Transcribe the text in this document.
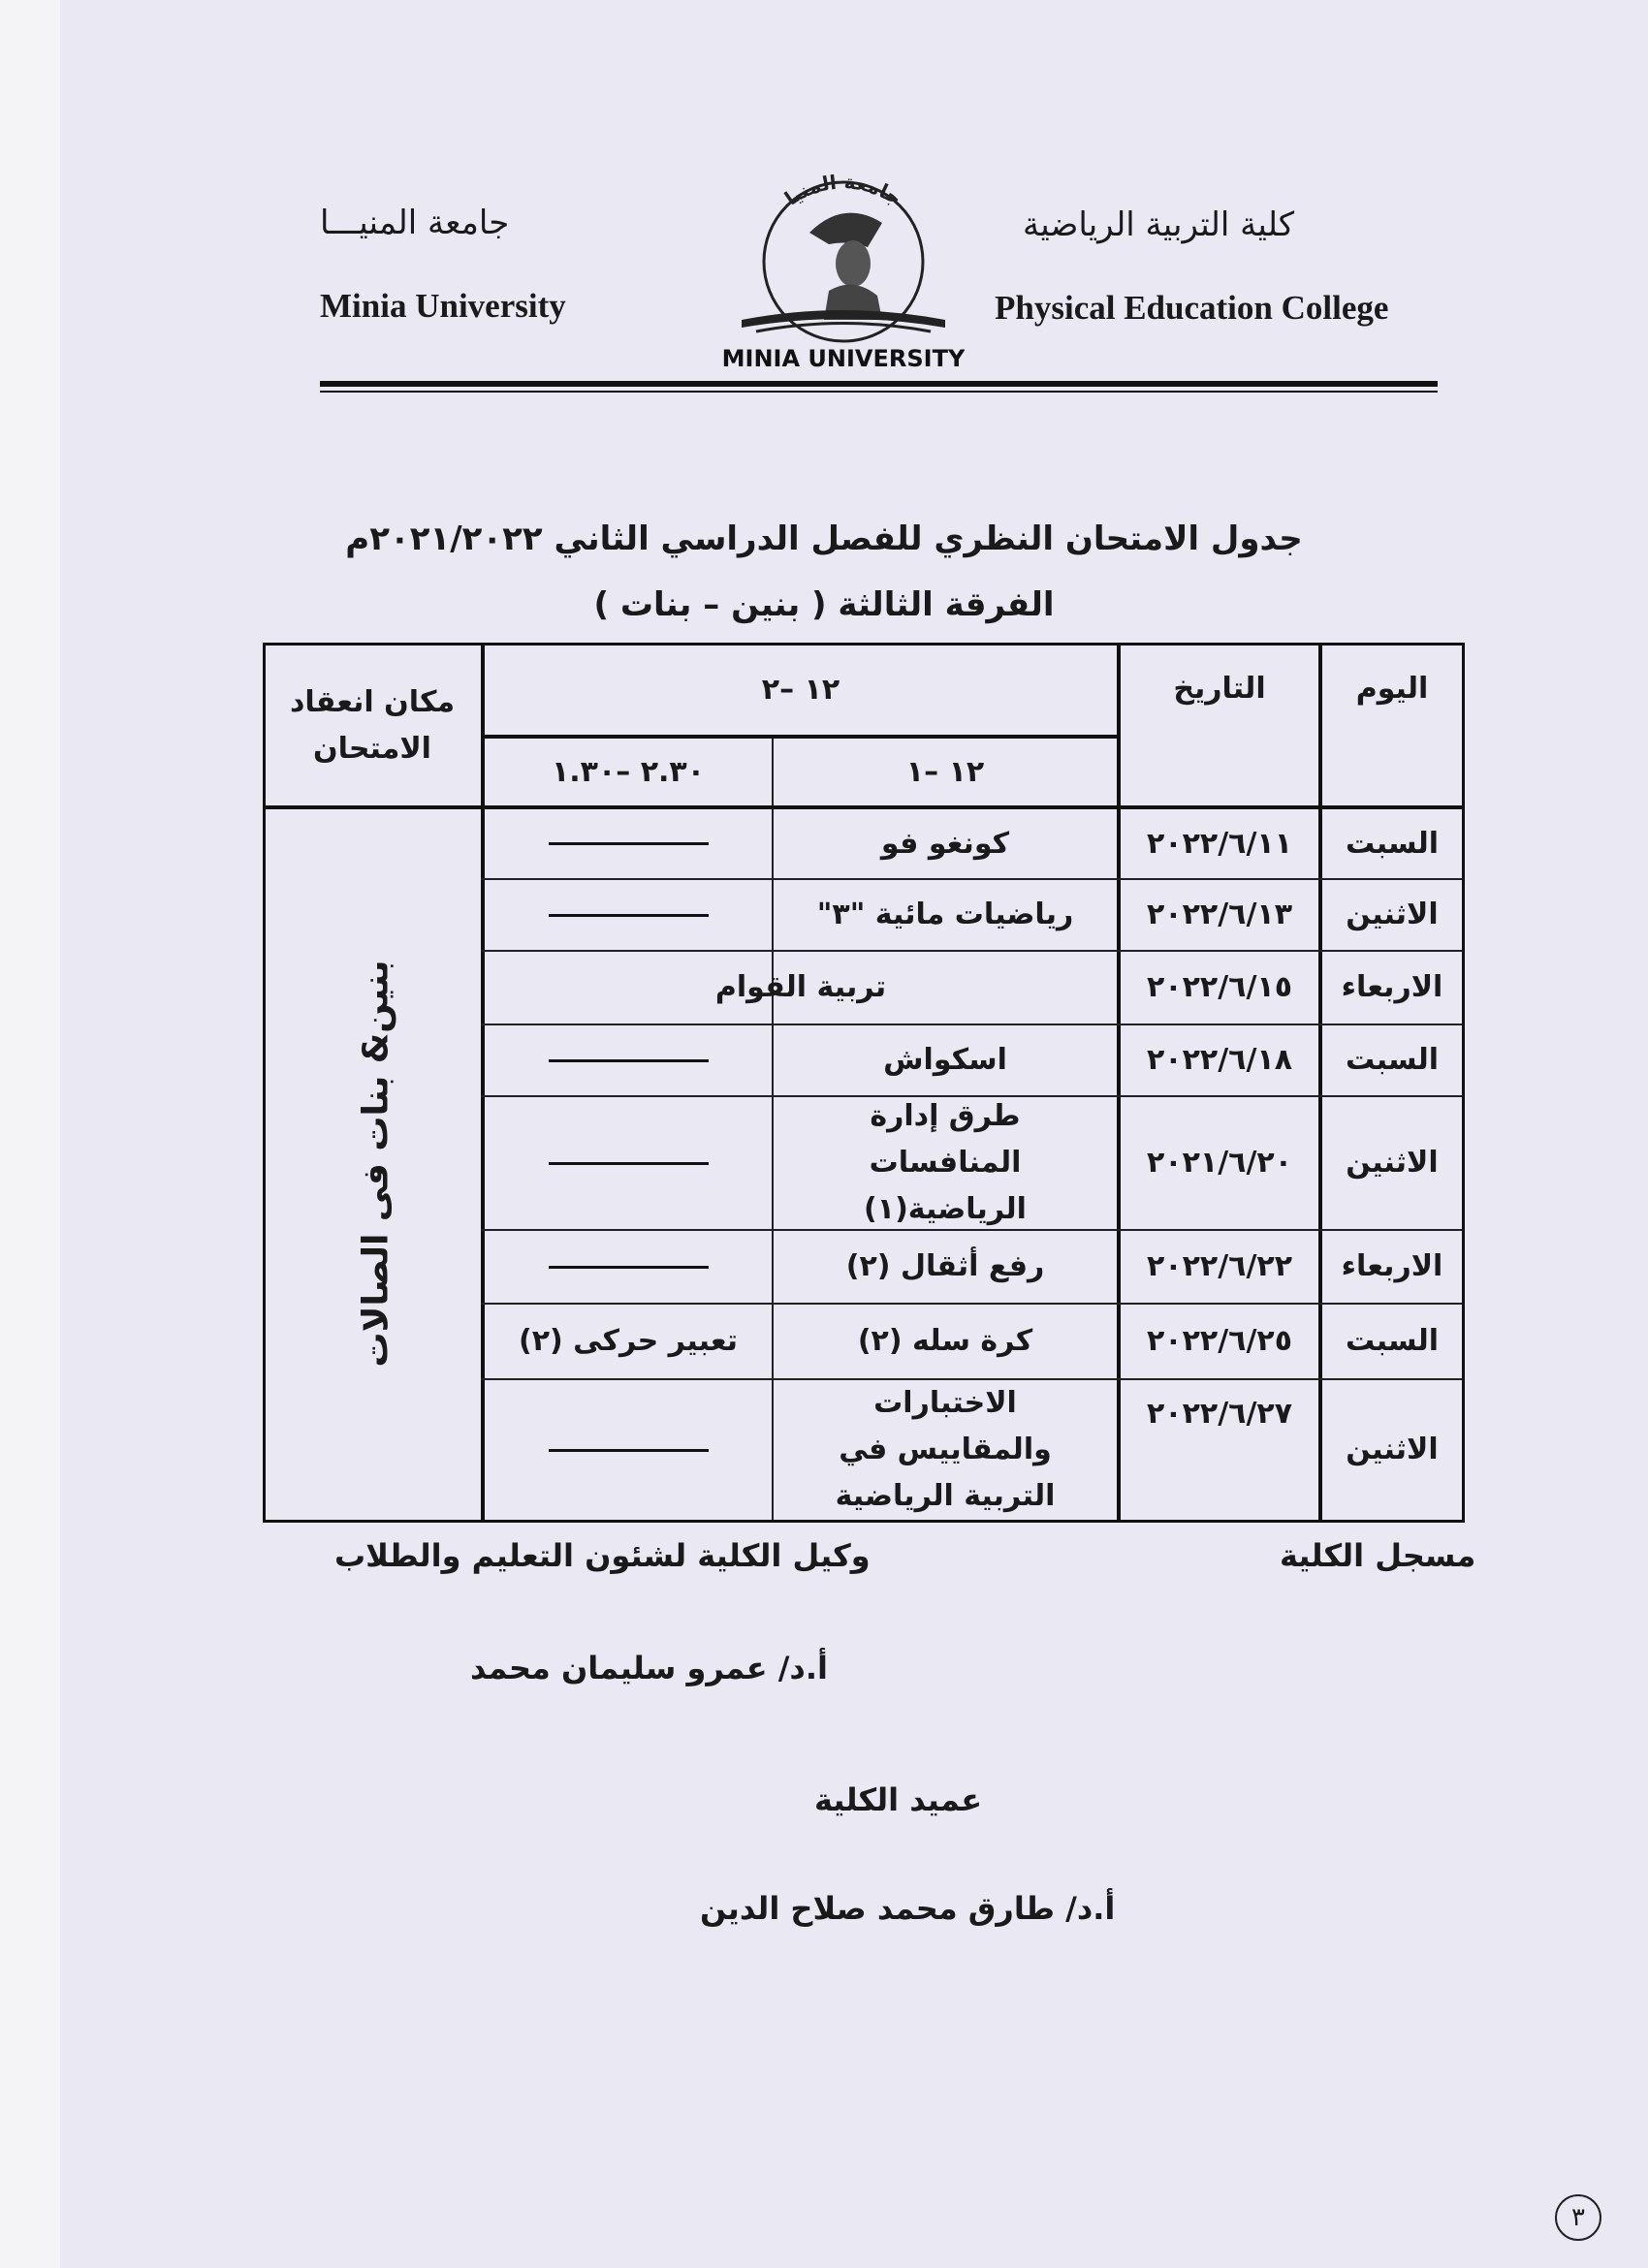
جامعة المنيـــا
Minia University
كلية التربية الرياضية
Physical Education College
جامعة المنيا
MINIA UNIVERSITY
جدول الامتحان النظري للفصل الدراسي الثاني ٢٠٢١/٢٠٢٢م
الفرقة الثالثة ( بنين – بنات )
اليوم
التاريخ
١٢ –٢
١٢ –١
٢.٣٠ –١.٣٠
مكان انعقاد الامتحان
السبت
٢٠٢٢/٦/١١
كونغو فو
الاثنين
٢٠٢٢/٦/١٣
رياضيات مائية "٣"
الاربعاء
٢٠٢٢/٦/١٥
تربية القوام
السبت
٢٠٢٢/٦/١٨
اسكواش
الاثنين
٢٠٢١/٦/٢٠
طرق إدارة المنافسات الرياضية(١)
الاربعاء
٢٠٢٢/٦/٢٢
رفع أثقال (٢)
السبت
٢٠٢٢/٦/٢٥
كرة سله (٢)
تعبير حركى (٢)
الاثنين
٢٠٢٢/٦/٢٧
الاختبارات والمقاييس في التربية الرياضية
بنين& بنات فى الصالات
مسجل الكلية
وكيل الكلية لشئون التعليم والطلاب
أ.د/ عمرو سليمان محمد
عميد الكلية
أ.د/ طارق محمد صلاح الدين
٣
